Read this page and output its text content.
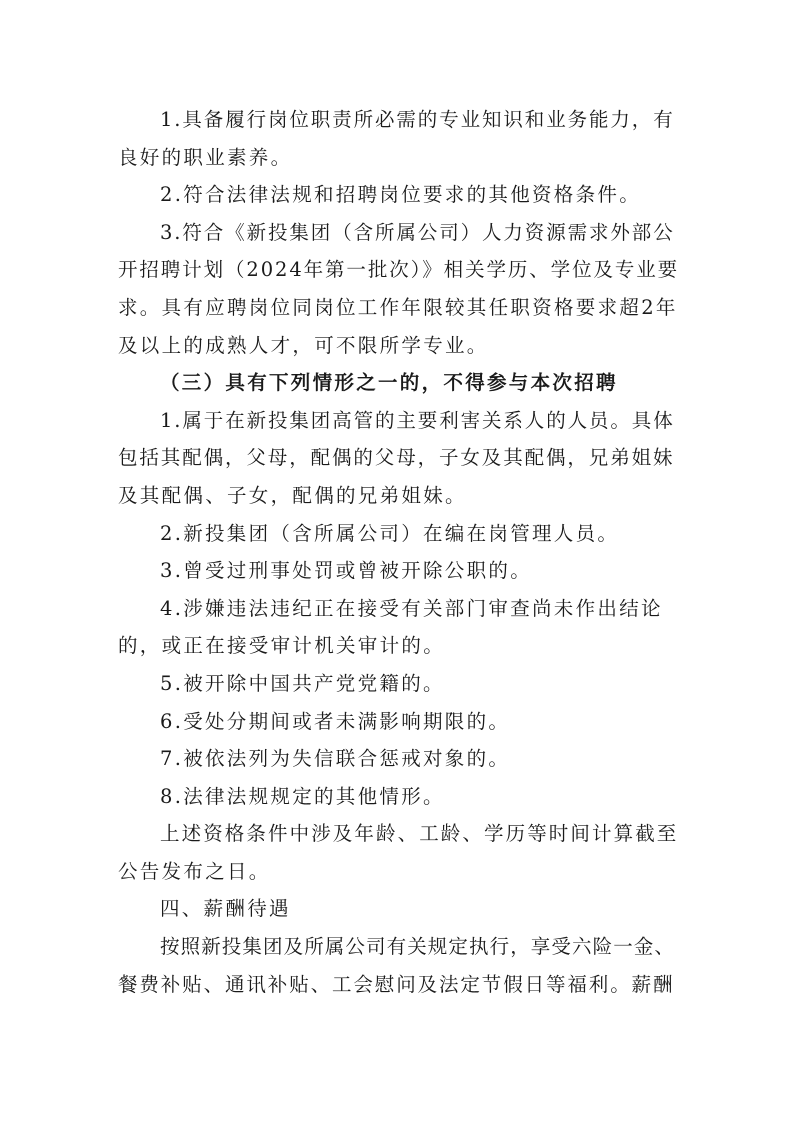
1.具备履行岗位职责所必需的专业知识和业务能力，有
良好的职业素养。
2.符合法律法规和招聘岗位要求的其他资格条件。
3.符合《新投集团（含所属公司）人力资源需求外部公
开招聘计划（2024年第一批次）》相关学历、学位及专业要
求。具有应聘岗位同岗位工作年限较其任职资格要求超2年
及以上的成熟人才，可不限所学专业。
（三）具有下列情形之一的，不得参与本次招聘
1.属于在新投集团高管的主要利害关系人的人员。具体
包括其配偶，父母，配偶的父母，子女及其配偶，兄弟姐妹
及其配偶、子女，配偶的兄弟姐妹。
2.新投集团（含所属公司）在编在岗管理人员。
3.曾受过刑事处罚或曾被开除公职的。
4.涉嫌违法违纪正在接受有关部门审查尚未作出结论
的，或正在接受审计机关审计的。
5.被开除中国共产党党籍的。
6.受处分期间或者未满影响期限的。
7.被依法列为失信联合惩戒对象的。
8.法律法规规定的其他情形。
上述资格条件中涉及年龄、工龄、学历等时间计算截至
公告发布之日。
四、薪酬待遇
按照新投集团及所属公司有关规定执行，享受六险一金、
餐费补贴、通讯补贴、工会慰问及法定节假日等福利。薪酬
